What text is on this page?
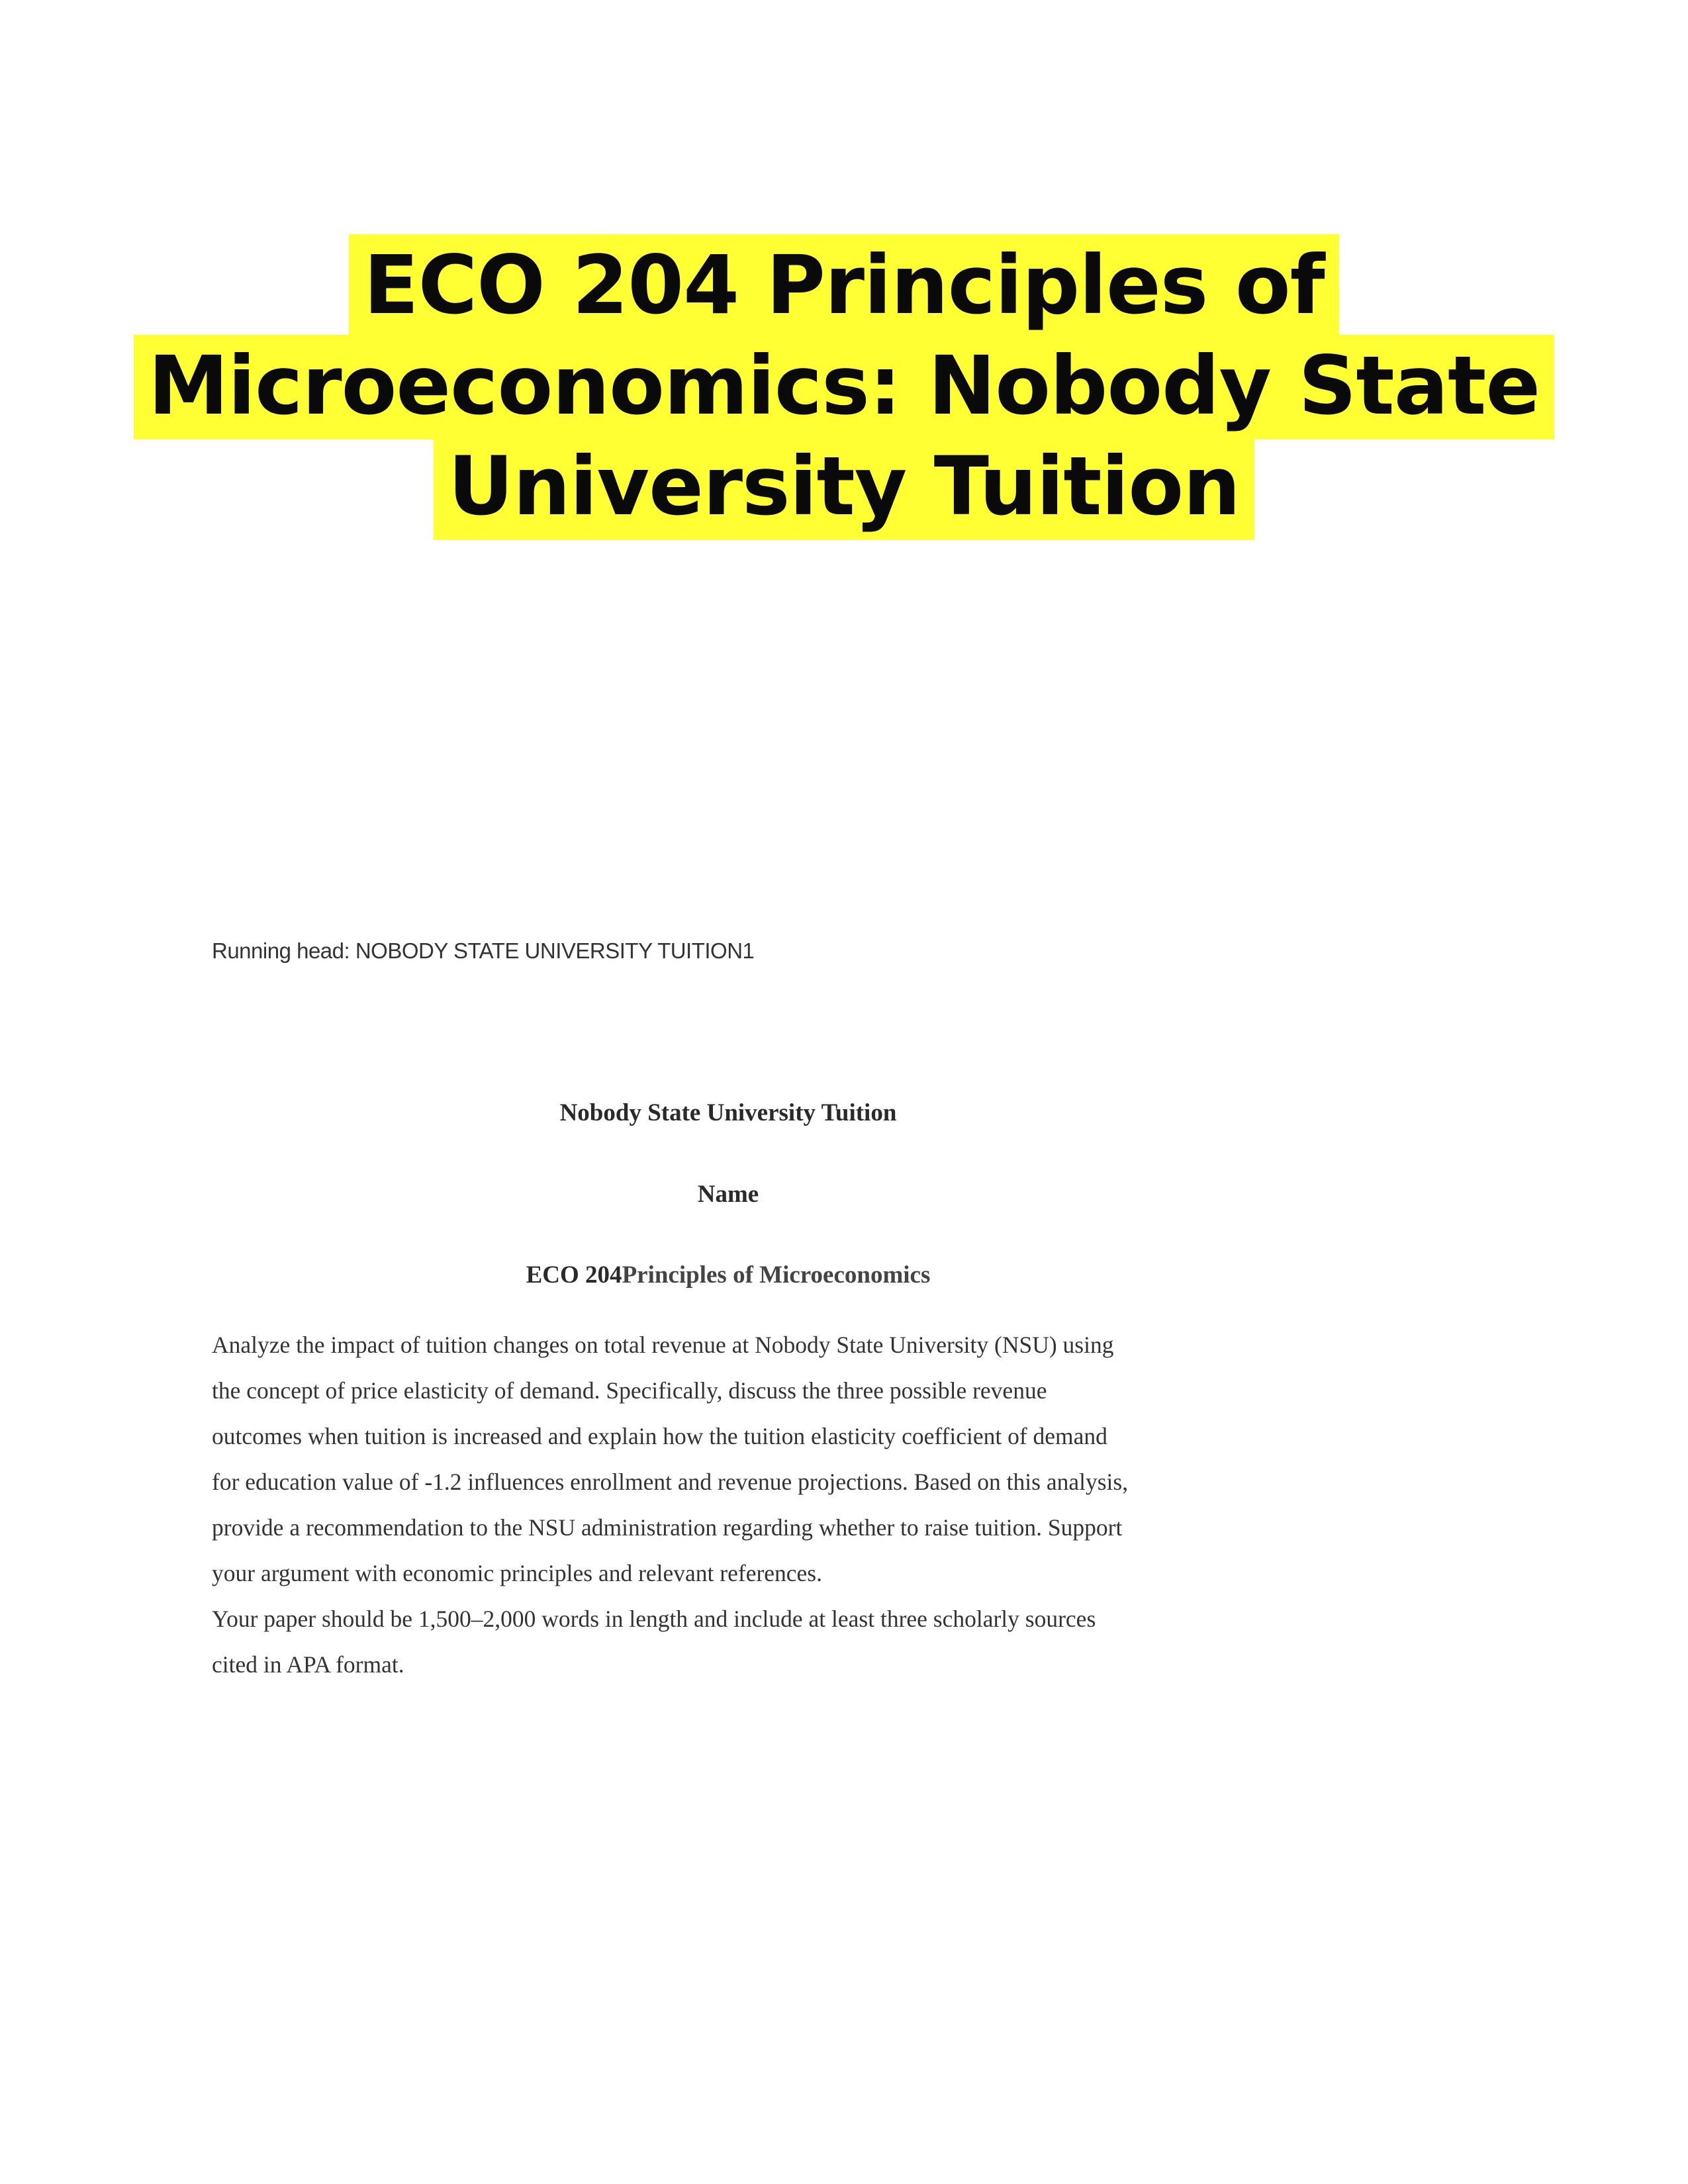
ECO 204 Principles of
Microeconomics: Nobody State
University Tuition
Running head: NOBODY STATE UNIVERSITY TUITION1
Nobody State University Tuition
Name
ECO 204Principles of Microeconomics

Analyze the impact of tuition changes on total revenue at Nobody State University (NSU) using
the concept of price elasticity of demand. Specifically, discuss the three possible revenue
outcomes when tuition is increased and explain how the tuition elasticity coefficient of demand
for education value of -1.2 influences enrollment and revenue projections. Based on this analysis,
provide a recommendation to the NSU administration regarding whether to raise tuition. Support
your argument with economic principles and relevant references.

Your paper should be 1,500–2,000 words in length and include at least three scholarly sources
cited in APA format.
